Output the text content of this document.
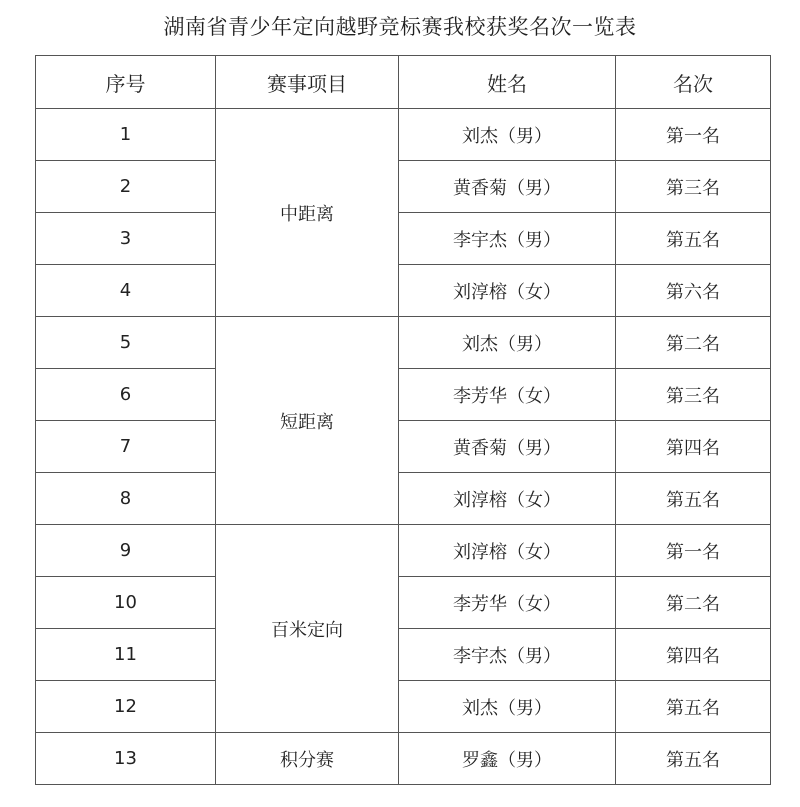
湖南省青少年定向越野竞标赛我校获奖名次一览表
序号	赛事项目	姓名	名次
1	中距离	刘杰（男）	第一名
2		黄香菊（男）	第三名
3		李宇杰（男）	第五名
4		刘淳榕（女）	第六名
5	短距离	刘杰（男）	第二名
6		李芳华（女）	第三名
7		黄香菊（男）	第四名
8		刘淳榕（女）	第五名
9	百米定向	刘淳榕（女）	第一名
10		李芳华（女）	第二名
11		李宇杰（男）	第四名
12		刘杰（男）	第五名
13	积分赛	罗鑫（男）	第五名
